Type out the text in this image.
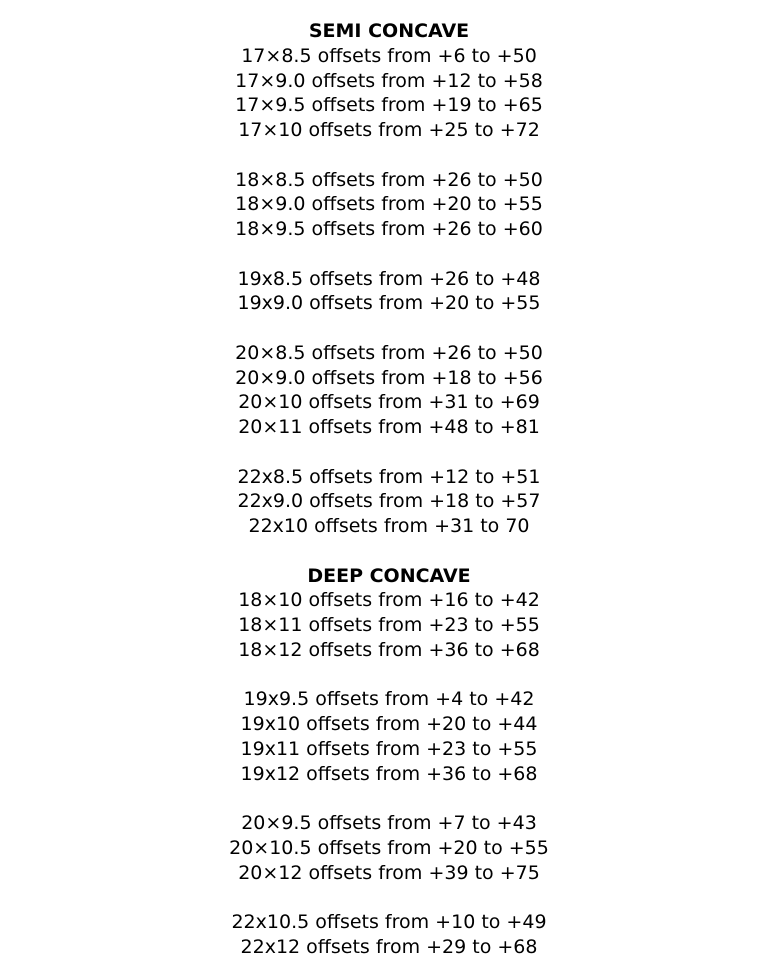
SEMI CONCAVE
17×8.5 offsets from +6 to +50
17×9.0 offsets from +12 to +58
17×9.5 offsets from +19 to +65
17×10 offsets from +25 to +72
18×8.5 offsets from +26 to +50
18×9.0 offsets from +20 to +55
18×9.5 offsets from +26 to +60
19x8.5 offsets from +26 to +48
19x9.0 offsets from +20 to +55
20×8.5 offsets from +26 to +50
20×9.0 offsets from +18 to +56
20×10 offsets from +31 to +69
20×11 offsets from +48 to +81
22x8.5 offsets from +12 to +51
22x9.0 offsets from +18 to +57
22x10 offsets from +31 to 70
DEEP CONCAVE
18×10 offsets from +16 to +42
18×11 offsets from +23 to +55
18×12 offsets from +36 to +68
19x9.5 offsets from +4 to +42
19x10 offsets from +20 to +44
19x11 offsets from +23 to +55
19x12 offsets from +36 to +68
20×9.5 offsets from +7 to +43
20×10.5 offsets from +20 to +55
20×12 offsets from +39 to +75
22x10.5 offsets from +10 to +49
22x12 offsets from +29 to +68
